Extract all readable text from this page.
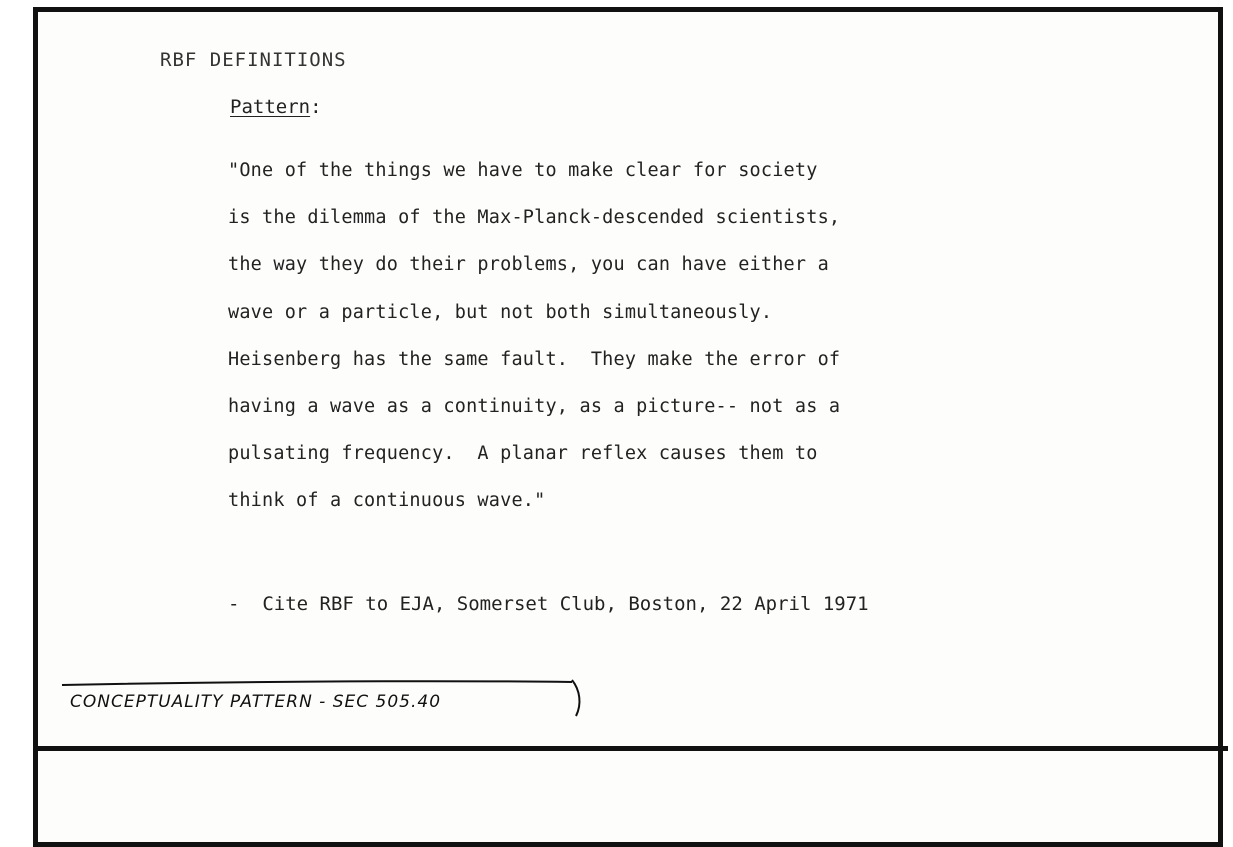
RBF DEFINITIONS
Pattern:
"One of the things we have to make clear for society
is the dilemma of the Max-Planck-descended scientists,
the way they do their problems, you can have either a
wave or a particle, but not both simultaneously.
Heisenberg has the same fault.  They make the error of
having a wave as a continuity, as a picture-- not as a
pulsating frequency.  A planar reflex causes them to
think of a continuous wave."
-  Cite RBF to EJA, Somerset Club, Boston, 22 April 1971
CONCEPTUALITY PATTERN - SEC 505.40
